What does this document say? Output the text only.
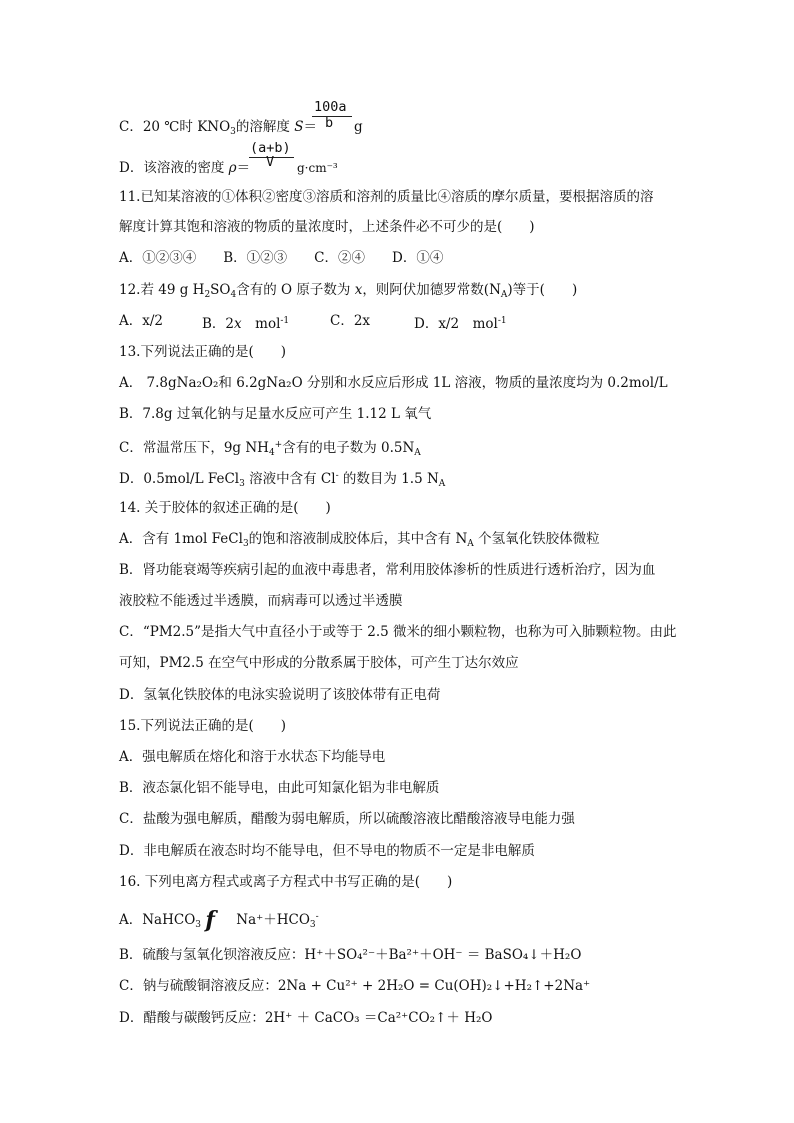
100a
b
C．20 ℃时 $KNO_3$的溶解度 S＝	g
(a+b)
V
D．该溶液的密度 ρ＝	g·cm⁻³
11.已知某溶液的①体积②密度③溶质和溶剂的质量比④溶质的摩尔质量，要根据溶质的溶
解度计算其饱和溶液的物质的量浓度时，上述条件必不可少的是(　　)
A．①②③④　　B．①②③　　C．②④　　D．①④
12.若 49 g $H_2SO_4$含有的 O 原子数为 x，则阿伏加德罗常数$(N_A)$等于(　　)
A．x/2	B．2x　mol$^{-1}$	C．2x	D．x/2　mol$^{-1}$
13.下列说法正确的是(　　)
A． 7.8gNa₂O₂和 6.2gNa₂O 分别和水反应后形成 1L 溶液，物质的量浓度均为 0.2mol/L
B．7.8g 过氧化钠与足量水反应可产生 1.12 L 氧气
C．常温常压下，9g $NH_4^+$含有的电子数为 $0.5N_A$
D．0.5mol/L FeCl$_3$ 溶液中含有 Cl- 的数目为 1.5 $N_A$
14. 关于胶体的叙述正确的是(　　)
A．含有 1mol FeCl$_3$的饱和溶液制成胶体后，其中含有 $N_A$ 个氢氧化铁胶体微粒
B．肾功能衰竭等疾病引起的血液中毒患者，常利用胶体渗析的性质进行透析治疗，因为血
液胶粒不能透过半透膜，而病毒可以透过半透膜
C．“PM2.5”是指大气中直径小于或等于 2.5 微米的细小颗粒物，也称为可入肺颗粒物。由此
可知，PM2.5 在空气中形成的分散系属于胶体，可产生丁达尔效应
D．氢氧化铁胶体的电泳实验说明了该胶体带有正电荷
15.下列说法正确的是(　　)
A．强电解质在熔化和溶于水状态下均能导电
B．液态氯化铝不能导电，由此可知氯化铝为非电解质
C．盐酸为强电解质，醋酸为弱电解质，所以硫酸溶液比醋酸溶液导电能力强
D．非电解质在液态时均不能导电，但不导电的物质不一定是非电解质
16. 下列电离方程式或离子方程式中书写正确的是(　　)
A．NaHCO$_3$ f $Na^++HCO_3^-$
B．硫酸与氢氧化钡溶液反应：H⁺＋SO₄²⁻＋Ba²⁺＋OH⁻ ＝ BaSO₄↓＋H₂O
C．钠与硫酸铜溶液反应：2Na + Cu²⁺ + 2H₂O = Cu(OH)₂↓+H₂↑+2Na⁺
D．醋酸与碳酸钙反应：2H⁺ ＋ CaCO₃ ＝Ca²⁺CO₂↑＋ H₂O
